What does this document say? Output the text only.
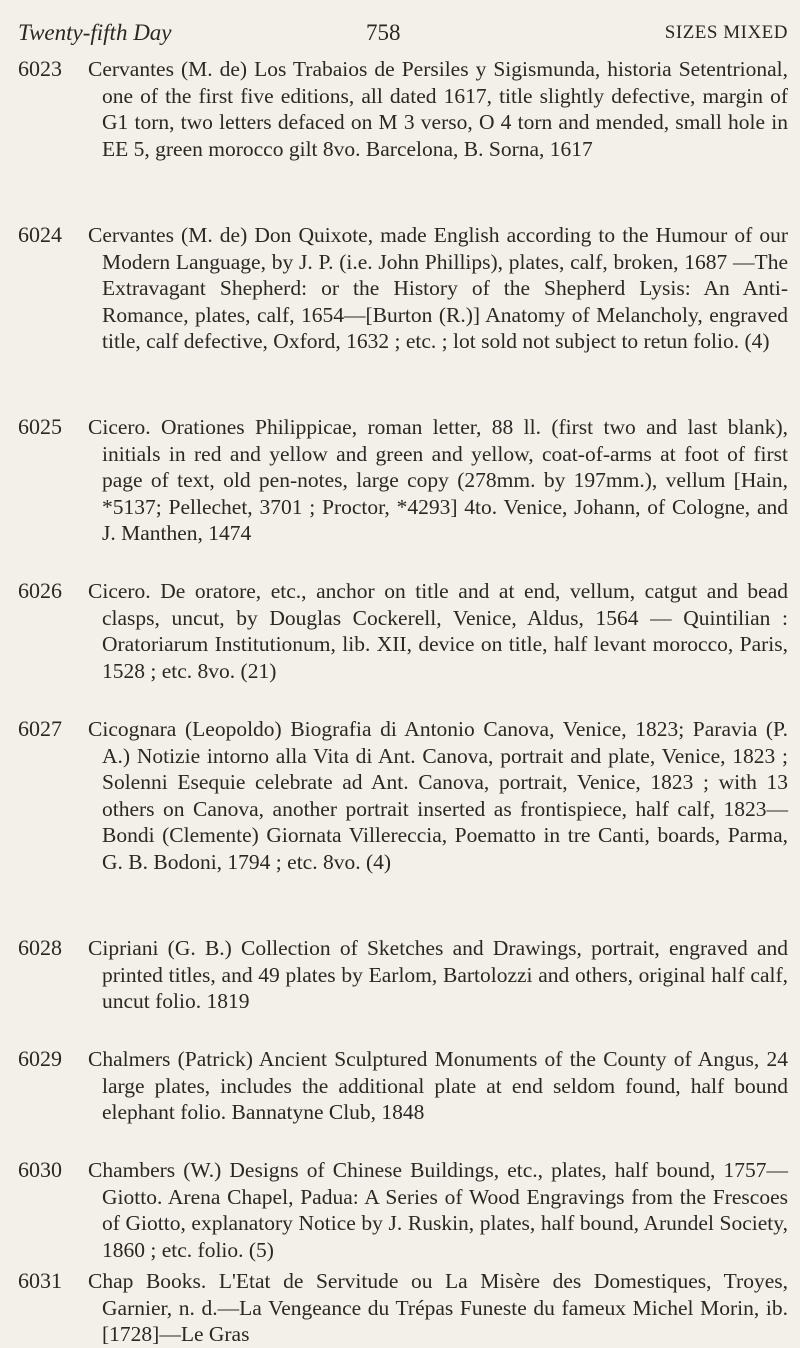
Twenty-fifth Day	758	SIZES MIXED
6023	Cervantes (M. de) Los Trabaios de Persiles y Sigismunda, historia Setentrional, one of the first five editions, all dated 1617, title slightly defective, margin of G1 torn, two letters defaced on M 3 verso, O 4 torn and mended, small hole in EE 5, green morocco gilt 8vo. Barcelona, B. Sorna, 1617
6024	Cervantes (M. de) Don Quixote, made English according to the Humour of our Modern Language, by J. P. (i.e. John Phillips), plates, calf, broken, 1687 —The Extravagant Shepherd: or the History of the Shepherd Lysis: An Anti-Romance, plates, calf, 1654—[Burton (R.)] Anatomy of Melancholy, engraved title, calf defective, Oxford, 1632 ; etc. ; lot sold not subject to retun folio. (4)
6025	Cicero. Orationes Philippicae, roman letter, 88 ll. (first two and last blank), initials in red and yellow and green and yellow, coat-of-arms at foot of first page of text, old pen-notes, large copy (278mm. by 197mm.), vellum [Hain, *5137; Pellechet, 3701 ; Proctor, *4293] 4to. Venice, Johann, of Cologne, and J. Manthen, 1474
6026	Cicero. De oratore, etc., anchor on title and at end, vellum, catgut and bead clasps, uncut, by Douglas Cockerell, Venice, Aldus, 1564 — Quintilian : Oratoriarum Institutionum, lib. XII, device on title, half levant morocco, Paris, 1528 ; etc. 8vo. (21)
6027	Cicognara (Leopoldo) Biografia di Antonio Canova, Venice, 1823; Paravia (P. A.) Notizie intorno alla Vita di Ant. Canova, portrait and plate, Venice, 1823 ; Solenni Esequie celebrate ad Ant. Canova, portrait, Venice, 1823 ; with 13 others on Canova, another portrait inserted as frontispiece, half calf, 1823—Bondi (Clemente) Giornata Villereccia, Poematto in tre Canti, boards, Parma, G. B. Bodoni, 1794 ; etc. 8vo. (4)
6028	Cipriani (G. B.) Collection of Sketches and Drawings, portrait, engraved and printed titles, and 49 plates by Earlom, Bartolozzi and others, original half calf, uncut folio. 1819
6029	Chalmers (Patrick) Ancient Sculptured Monuments of the County of Angus, 24 large plates, includes the additional plate at end seldom found, half bound elephant folio. Bannatyne Club, 1848
6030	Chambers (W.) Designs of Chinese Buildings, etc., plates, half bound, 1757—Giotto. Arena Chapel, Padua: A Series of Wood Engravings from the Frescoes of Giotto, explanatory Notice by J. Ruskin, plates, half bound, Arundel Society, 1860 ; etc. folio. (5)
6031	Chap Books. L'Etat de Servitude ou La Misère des Domestiques, Troyes, Garnier, n. d.—La Vengeance du Trépas Funeste du fameux Michel Morin, ib. [1728]—Le Gras
